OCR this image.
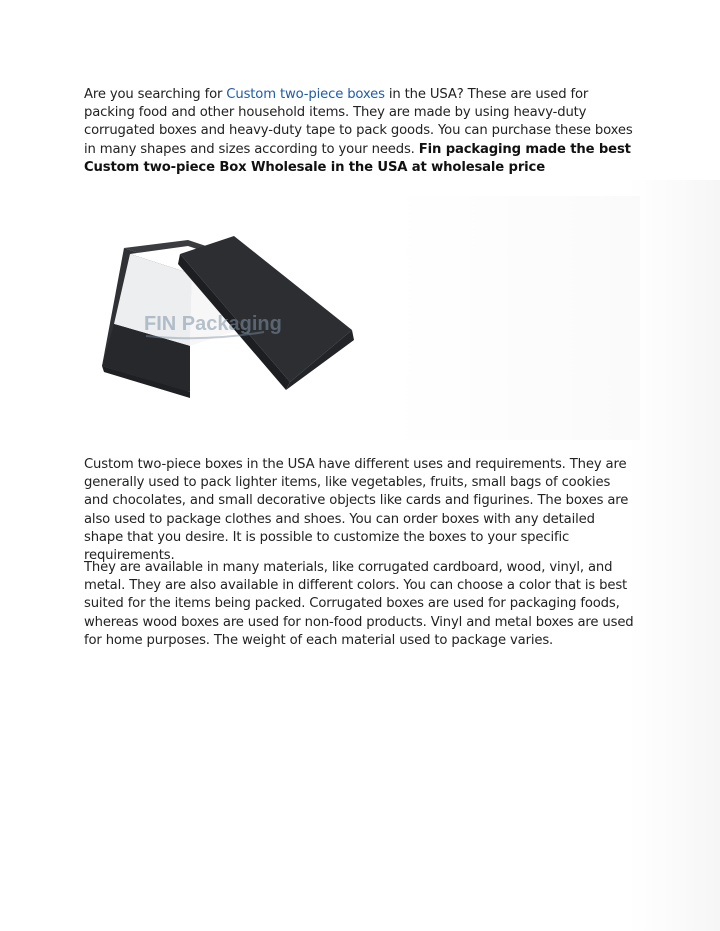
Are you searching for Custom two-piece boxes in the USA? These are used for packing food and other household items. They are made by using heavy-duty corrugated boxes and heavy-duty tape to pack goods. You can purchase these boxes in many shapes and sizes according to your needs. Fin packaging made the best Custom two-piece Box Wholesale in the USA at wholesale price

FIN Packaging

Custom two-piece boxes in the USA have different uses and requirements. They are generally used to pack lighter items, like vegetables, fruits, small bags of cookies and chocolates, and small decorative objects like cards and figurines. The boxes are also used to package clothes and shoes. You can order boxes with any detailed shape that you desire. It is possible to customize the boxes to your specific requirements.

They are available in many materials, like corrugated cardboard, wood, vinyl, and metal. They are also available in different colors. You can choose a color that is best suited for the items being packed. Corrugated boxes are used for packaging foods, whereas wood boxes are used for non-food products. Vinyl and metal boxes are used for home purposes. The weight of each material used to package varies.
